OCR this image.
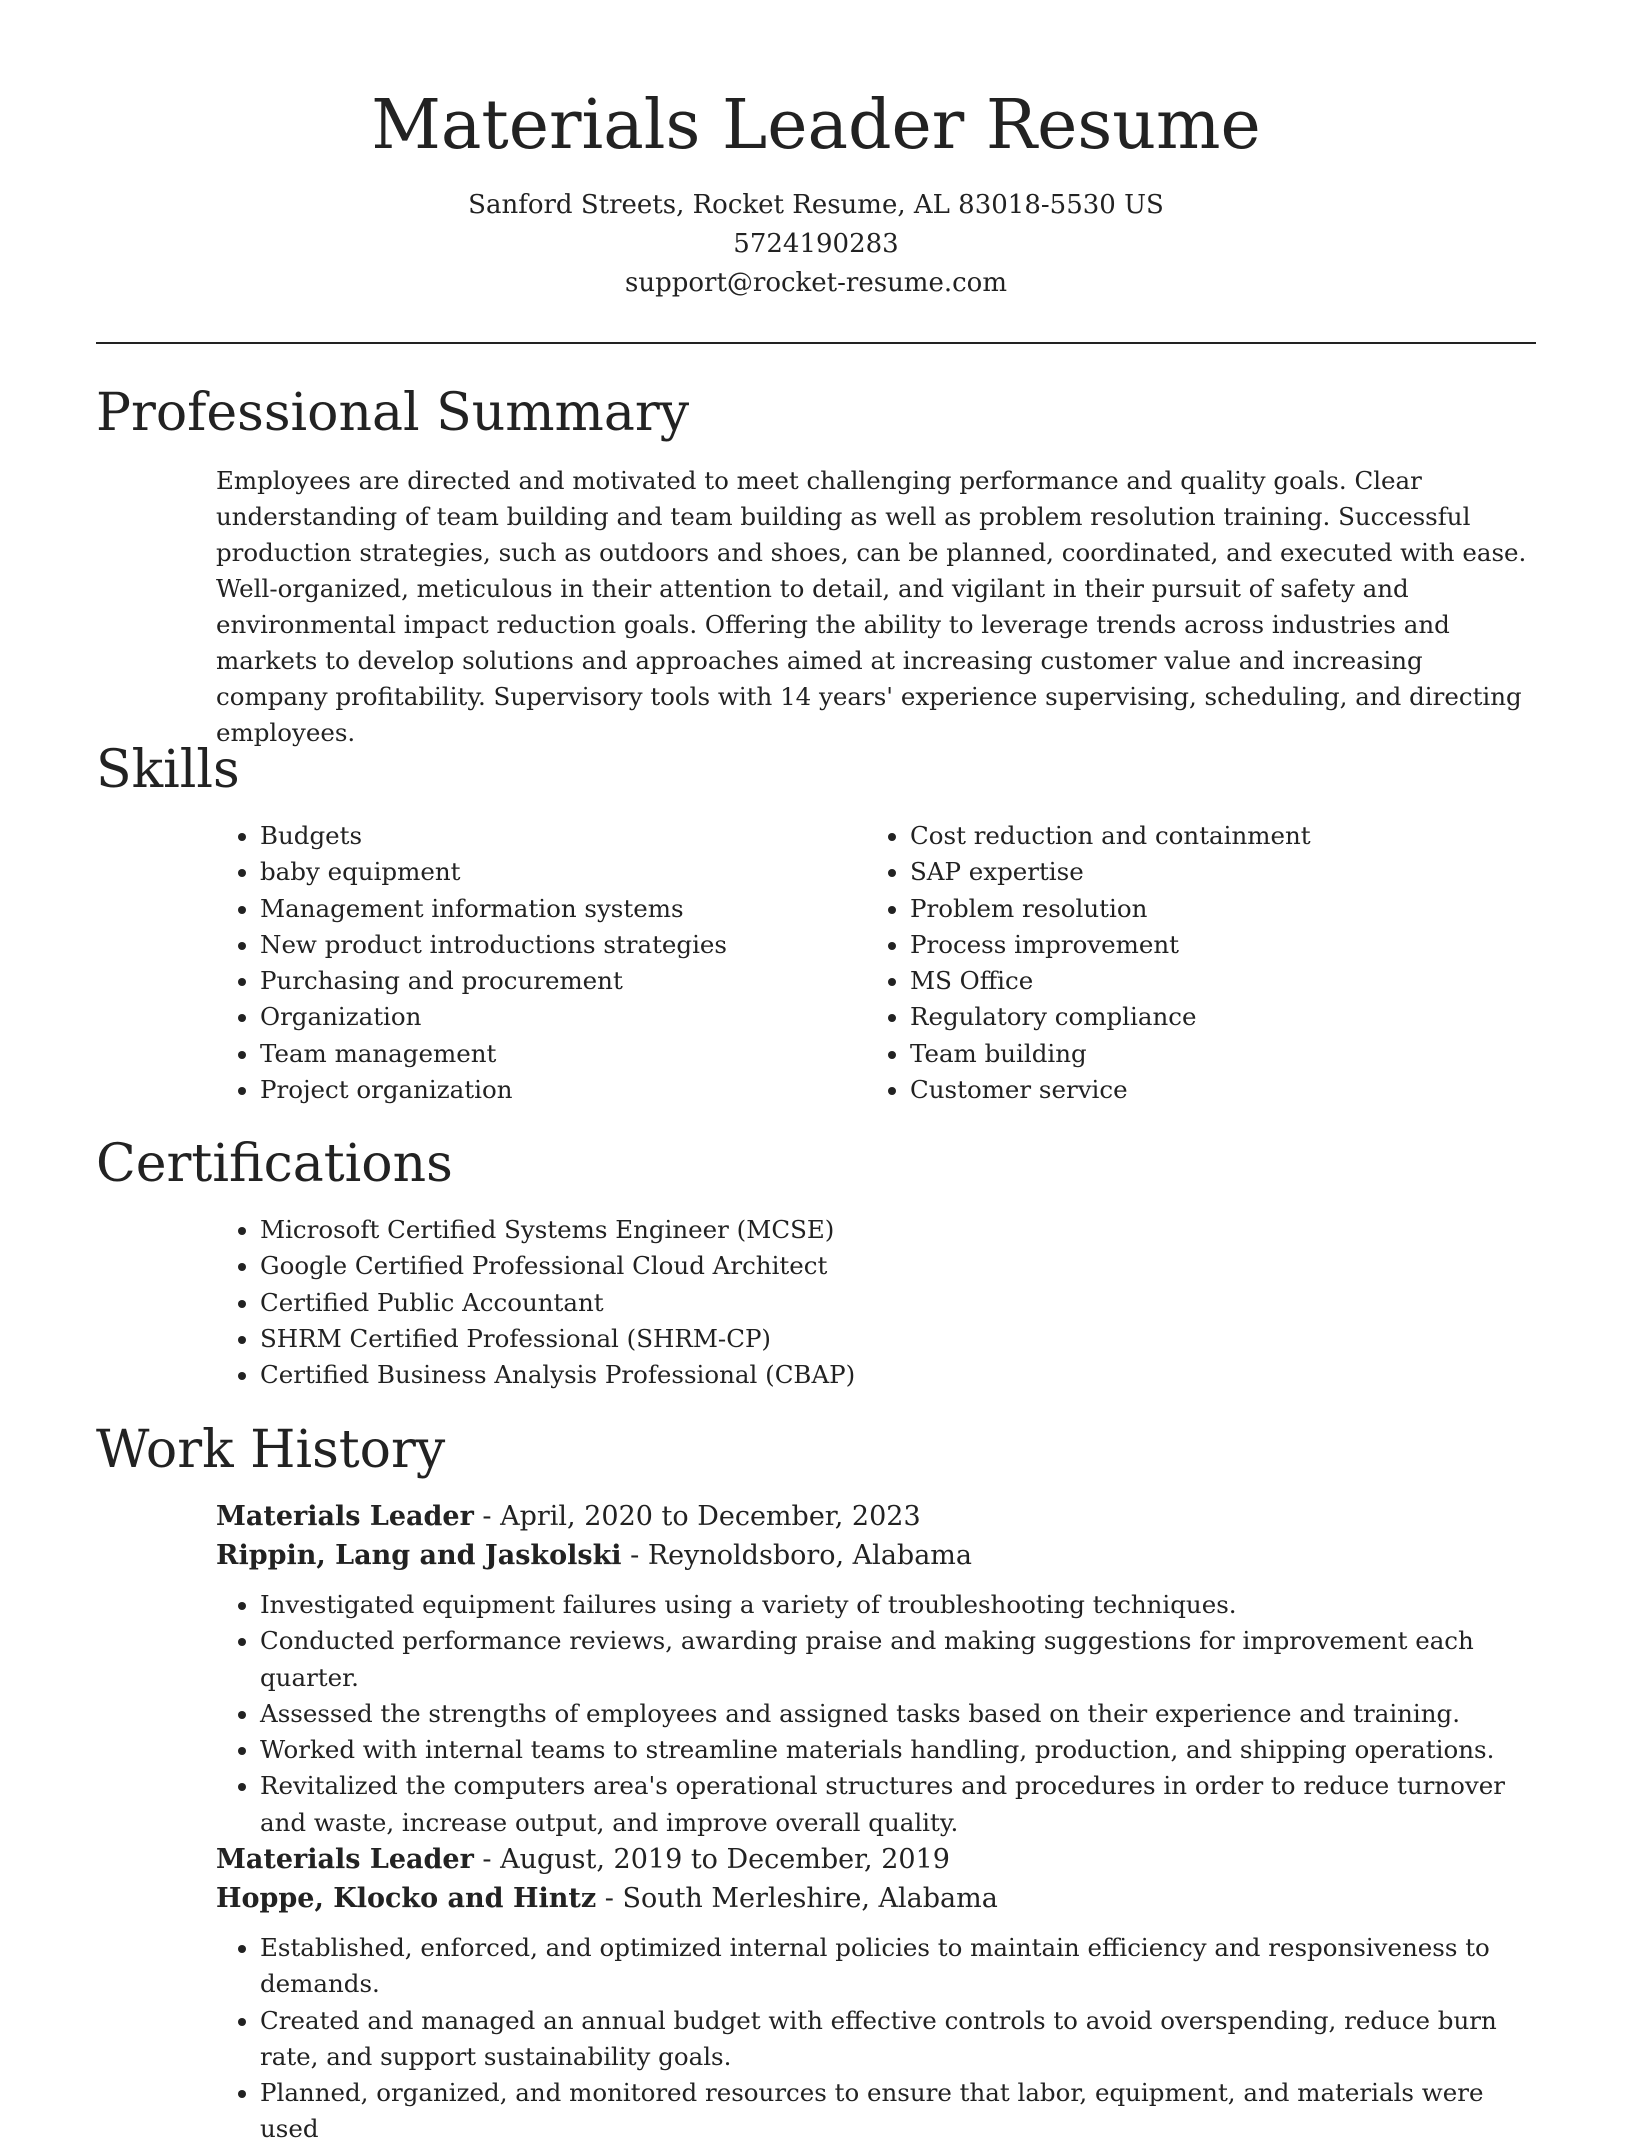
Materials Leader Resume
Sanford Streets, Rocket Resume, AL 83018-5530 US
5724190283
support@rocket-resume.com
Professional Summary

Employees are directed and motivated to meet challenging performance and quality goals. Clear understanding of team building and team building as well as problem resolution training. Successful production strategies, such as outdoors and shoes, can be planned, coordinated, and executed with ease. Well-organized, meticulous in their attention to detail, and vigilant in their pursuit of safety and environmental impact reduction goals. Offering the ability to leverage trends across industries and markets to develop solutions and approaches aimed at increasing customer value and increasing company profitability. Supervisory tools with 14 years' experience supervising, scheduling, and directing employees.

Skills
• Budgets
• baby equipment
• Management information systems
• New product introductions strategies
• Purchasing and procurement
• Organization
• Team management
• Project organization
• Cost reduction and containment
• SAP expertise
• Problem resolution
• Process improvement
• MS Office
• Regulatory compliance
• Team building
• Customer service
Certifications
• Microsoft Certified Systems Engineer (MCSE)
• Google Certified Professional Cloud Architect
• Certified Public Accountant
• SHRM Certified Professional (SHRM-CP)
• Certified Business Analysis Professional (CBAP)
Work History
Materials Leader - April, 2020 to December, 2023
Rippin, Lang and Jaskolski - Reynoldsboro, Alabama
• Investigated equipment failures using a variety of troubleshooting techniques.
• Conducted performance reviews, awarding praise and making suggestions for improvement each quarter.
• Assessed the strengths of employees and assigned tasks based on their experience and training.
• Worked with internal teams to streamline materials handling, production, and shipping operations.
• Revitalized the computers area's operational structures and procedures in order to reduce turnover and waste, increase output, and improve overall quality.
Materials Leader - August, 2019 to December, 2019
Hoppe, Klocko and Hintz - South Merleshire, Alabama
• Established, enforced, and optimized internal policies to maintain efficiency and responsiveness to demands.
• Created and managed an annual budget with effective controls to avoid overspending, reduce burn rate, and support sustainability goals.
• Planned, organized, and monitored resources to ensure that labor, equipment, and materials were used
